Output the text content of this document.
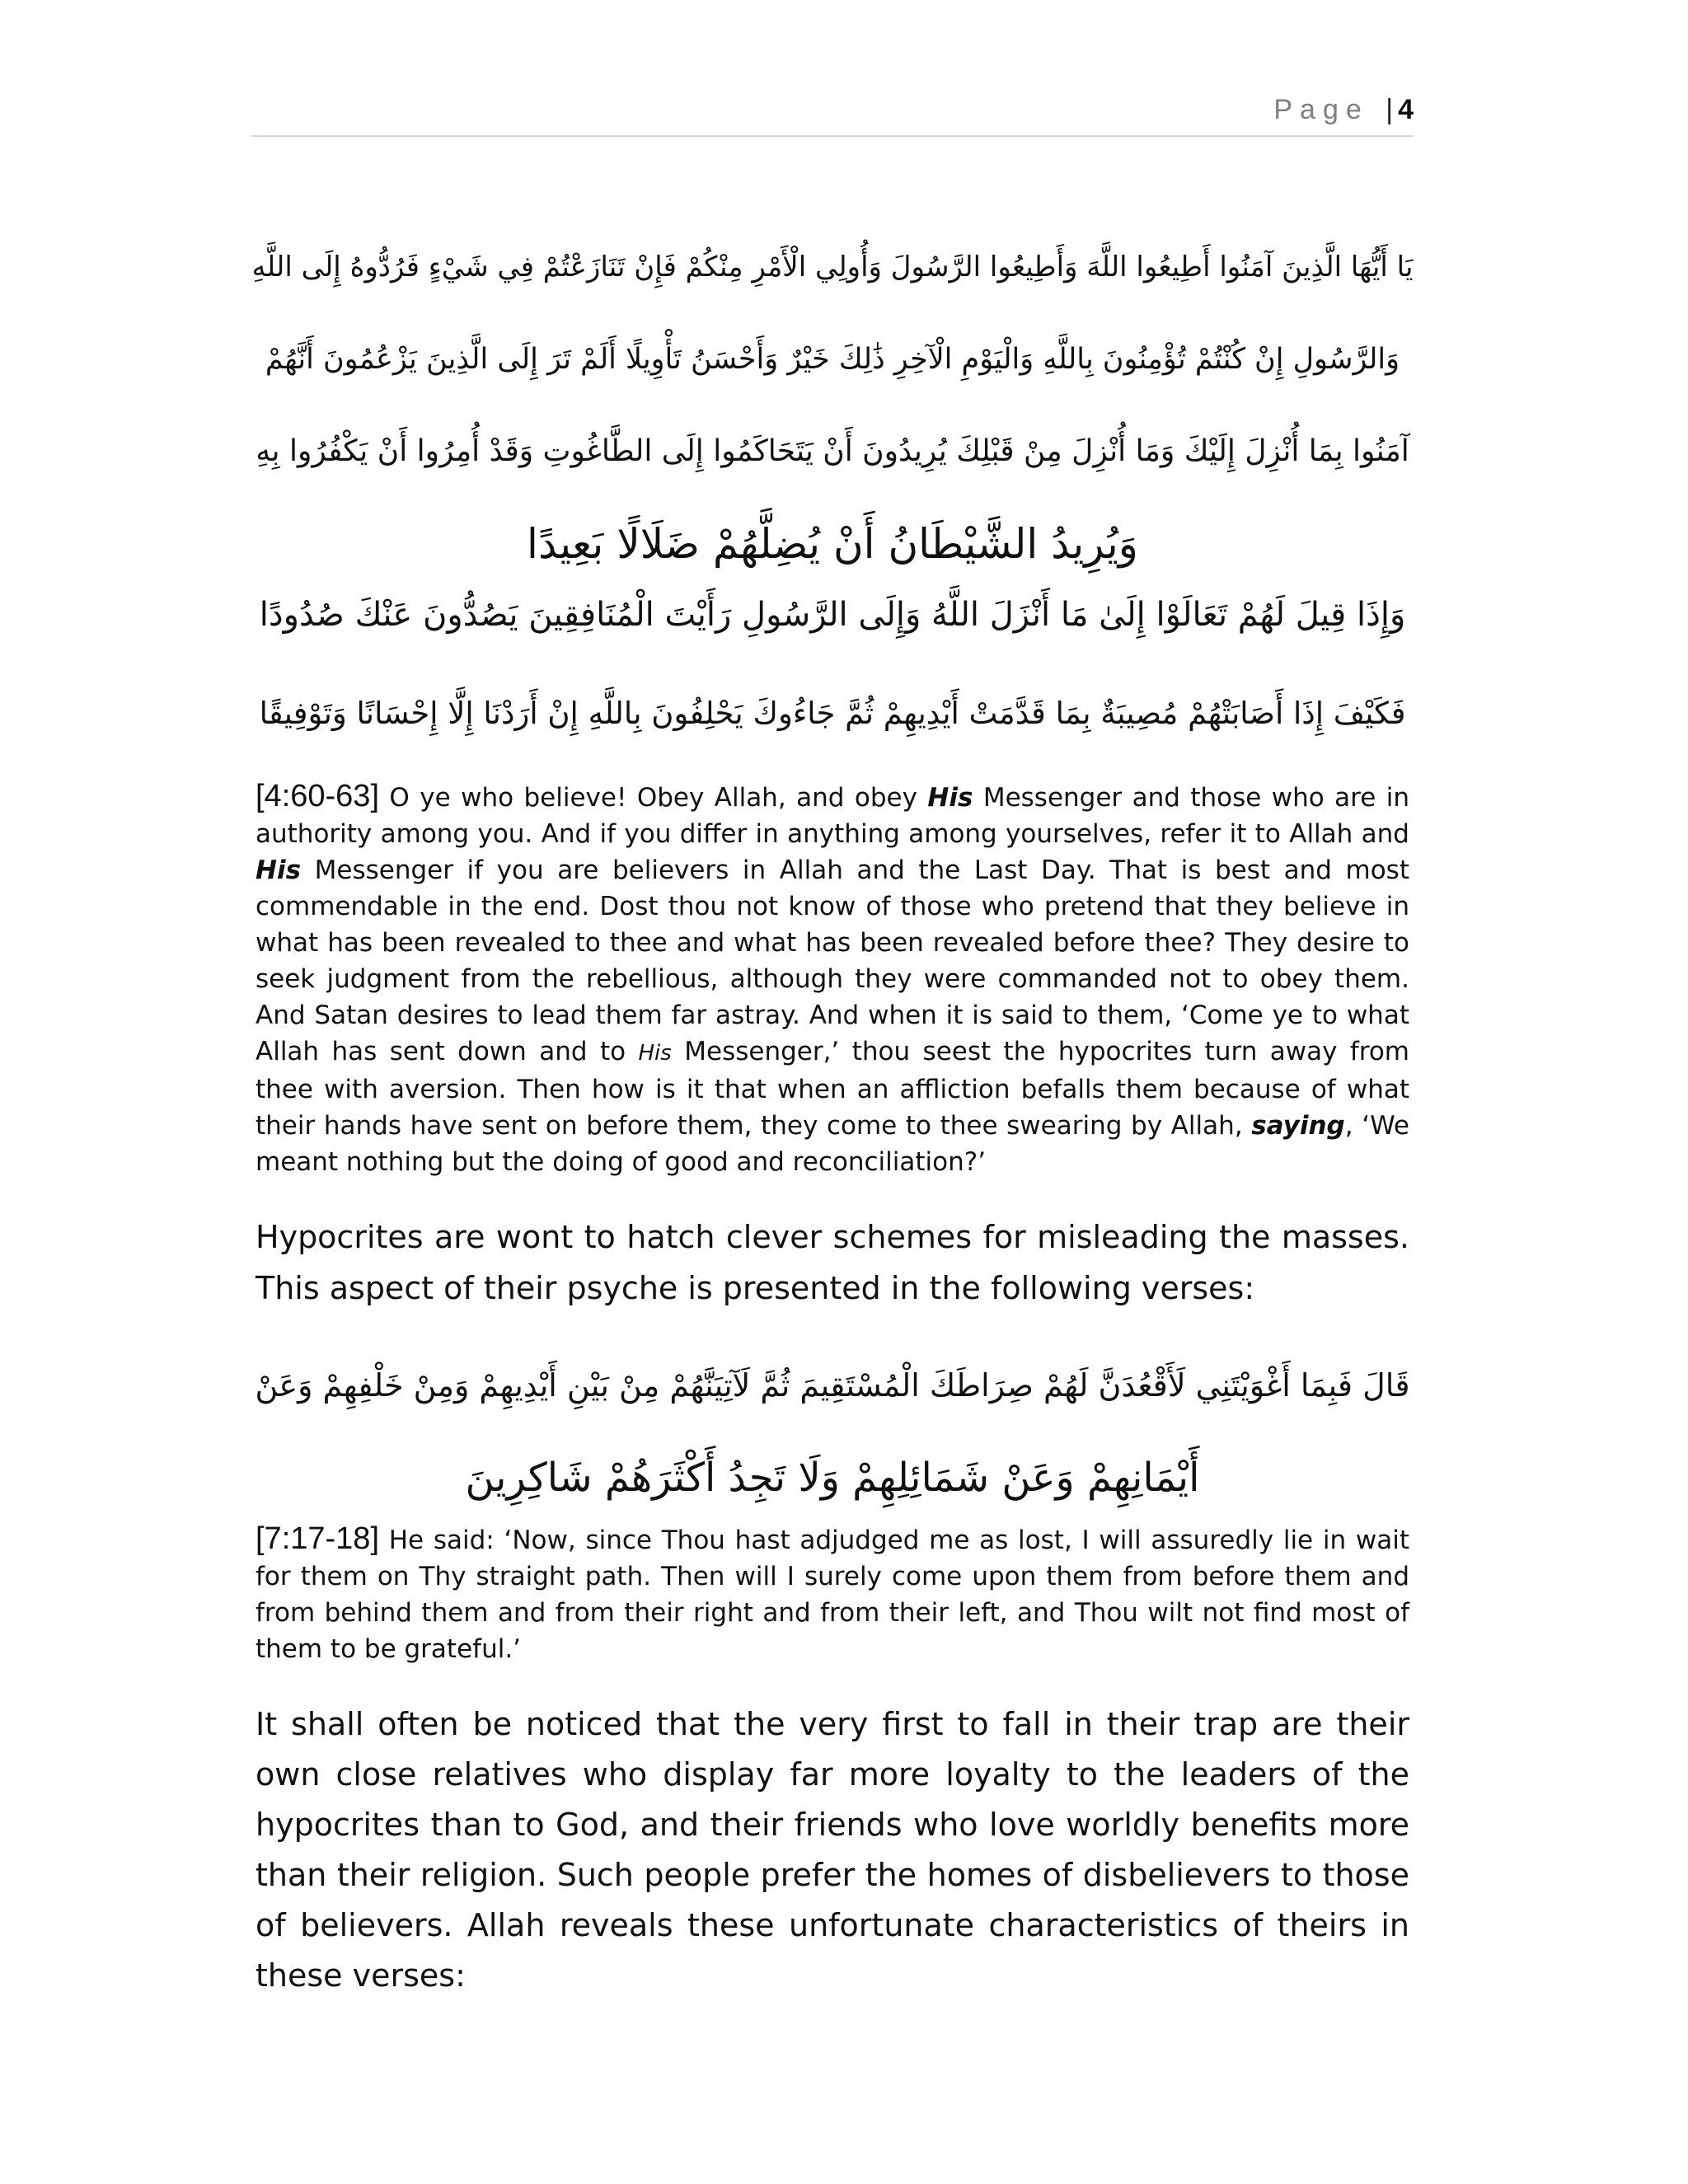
Page | 4
يَا أَيُّهَا الَّذِينَ آمَنُوا أَطِيعُوا اللَّهَ وَأَطِيعُوا الرَّسُولَ وَأُولِي الْأَمْرِ مِنْكُمْ فَإِنْ تَنَازَعْتُمْ فِي شَيْءٍ فَرُدُّوهُ إِلَى اللَّهِ
وَالرَّسُولِ إِنْ كُنْتُمْ تُؤْمِنُونَ بِاللَّهِ وَالْيَوْمِ الْآخِرِ ذَٰلِكَ خَيْرٌ وَأَحْسَنُ تَأْوِيلًا أَلَمْ تَرَ إِلَى الَّذِينَ يَزْعُمُونَ أَنَّهُمْ
آمَنُوا بِمَا أُنْزِلَ إِلَيْكَ وَمَا أُنْزِلَ مِنْ قَبْلِكَ يُرِيدُونَ أَنْ يَتَحَاكَمُوا إِلَى الطَّاغُوتِ وَقَدْ أُمِرُوا أَنْ يَكْفُرُوا بِهِ
وَيُرِيدُ الشَّيْطَانُ أَنْ يُضِلَّهُمْ ضَلَالًا بَعِيدًا
وَإِذَا قِيلَ لَهُمْ تَعَالَوْا إِلَىٰ مَا أَنْزَلَ اللَّهُ وَإِلَى الرَّسُولِ رَأَيْتَ الْمُنَافِقِينَ يَصُدُّونَ عَنْكَ صُدُودًا
فَكَيْفَ إِذَا أَصَابَتْهُمْ مُصِيبَةٌ بِمَا قَدَّمَتْ أَيْدِيهِمْ ثُمَّ جَاءُوكَ يَحْلِفُونَ بِاللَّهِ إِنْ أَرَدْنَا إِلَّا إِحْسَانًا وَتَوْفِيقًا
[4:60-63] O ye who believe! Obey Allah, and obey His Messenger and those who are in authority among you. And if you differ in anything among yourselves, refer it to Allah and His Messenger if you are believers in Allah and the Last Day. That is best and most commendable in the end. Dost thou not know of those who pretend that they believe in what has been revealed to thee and what has been revealed before thee? They desire to seek judgment from the rebellious, although they were commanded not to obey them. And Satan desires to lead them far astray. And when it is said to them, ‘Come ye to what Allah has sent down and to His Messenger,’ thou seest the hypocrites turn away from thee with aversion. Then how is it that when an affliction befalls them because of what their hands have sent on before them, they come to thee swearing by Allah, saying, ‘We meant nothing but the doing of good and reconciliation?’
Hypocrites are wont to hatch clever schemes for misleading the masses. This aspect of their psyche is presented in the following verses:
قَالَ فَبِمَا أَغْوَيْتَنِي لَأَقْعُدَنَّ لَهُمْ صِرَاطَكَ الْمُسْتَقِيمَ ثُمَّ لَآتِيَنَّهُمْ مِنْ بَيْنِ أَيْدِيهِمْ وَمِنْ خَلْفِهِمْ وَعَنْ
أَيْمَانِهِمْ وَعَنْ شَمَائِلِهِمْ وَلَا تَجِدُ أَكْثَرَهُمْ شَاكِرِينَ
[7:17-18] He said: ‘Now, since Thou hast adjudged me as lost, I will assuredly lie in wait for them on Thy straight path. Then will I surely come upon them from before them and from behind them and from their right and from their left, and Thou wilt not find most of them to be grateful.’
It shall often be noticed that the very first to fall in their trap are their own close relatives who display far more loyalty to the leaders of the hypocrites than to God, and their friends who love worldly benefits more than their religion. Such people prefer the homes of disbelievers to those of believers. Allah reveals these unfortunate characteristics of theirs in these verses:
